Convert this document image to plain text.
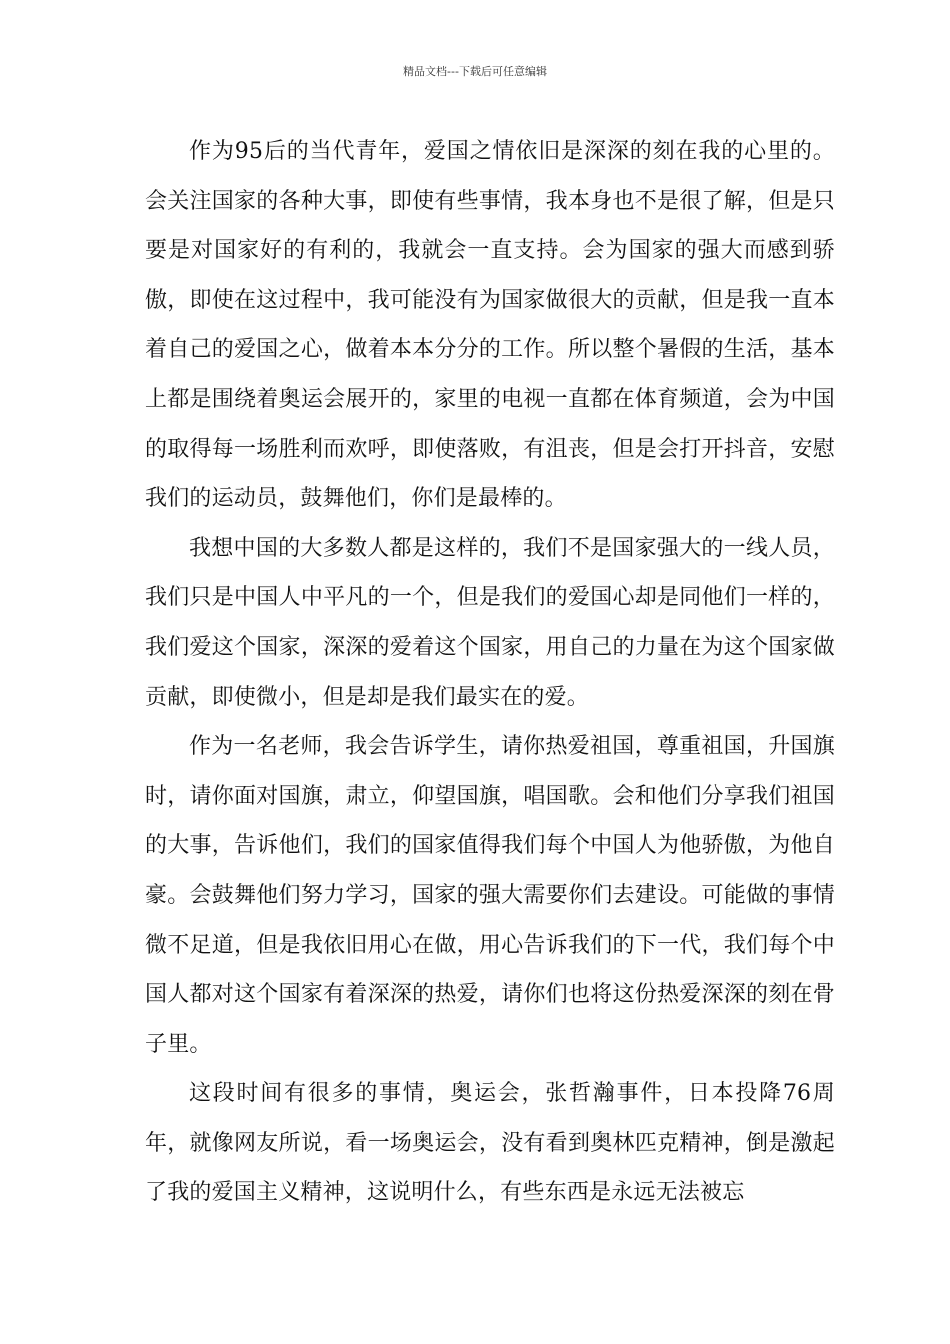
精品文档---下载后可任意编辑

作为95后的当代青年，爱国之情依旧是深深的刻在我的心里的。会关注国家的各种大事，即使有些事情，我本身也不是很了解，但是只要是对国家好的有利的，我就会一直支持。会为国家的强大而感到骄傲，即使在这过程中，我可能没有为国家做很大的贡献，但是我一直本着自己的爱国之心，做着本本分分的工作。所以整个暑假的生活，基本上都是围绕着奥运会展开的，家里的电视一直都在体育频道，会为中国的取得每一场胜利而欢呼，即使落败，有沮丧，但是会打开抖音，安慰我们的运动员，鼓舞他们，你们是最棒的。

我想中国的大多数人都是这样的，我们不是国家强大的一线人员，我们只是中国人中平凡的一个，但是我们的爱国心却是同他们一样的，我们爱这个国家，深深的爱着这个国家，用自己的力量在为这个国家做贡献，即使微小，但是却是我们最实在的爱。

作为一名老师，我会告诉学生，请你热爱祖国，尊重祖国，升国旗时，请你面对国旗，肃立，仰望国旗，唱国歌。会和他们分享我们祖国的大事，告诉他们，我们的国家值得我们每个中国人为他骄傲，为他自豪。会鼓舞他们努力学习，国家的强大需要你们去建设。可能做的事情微不足道，但是我依旧用心在做，用心告诉我们的下一代，我们每个中国人都对这个国家有着深深的热爱，请你们也将这份热爱深深的刻在骨子里。

这段时间有很多的事情，奥运会，张哲瀚事件，日本投降76周年，就像网友所说，看一场奥运会，没有看到奥林匹克精神，倒是激起了我的爱国主义精神，这说明什么，有些东西是永远无法被忘
